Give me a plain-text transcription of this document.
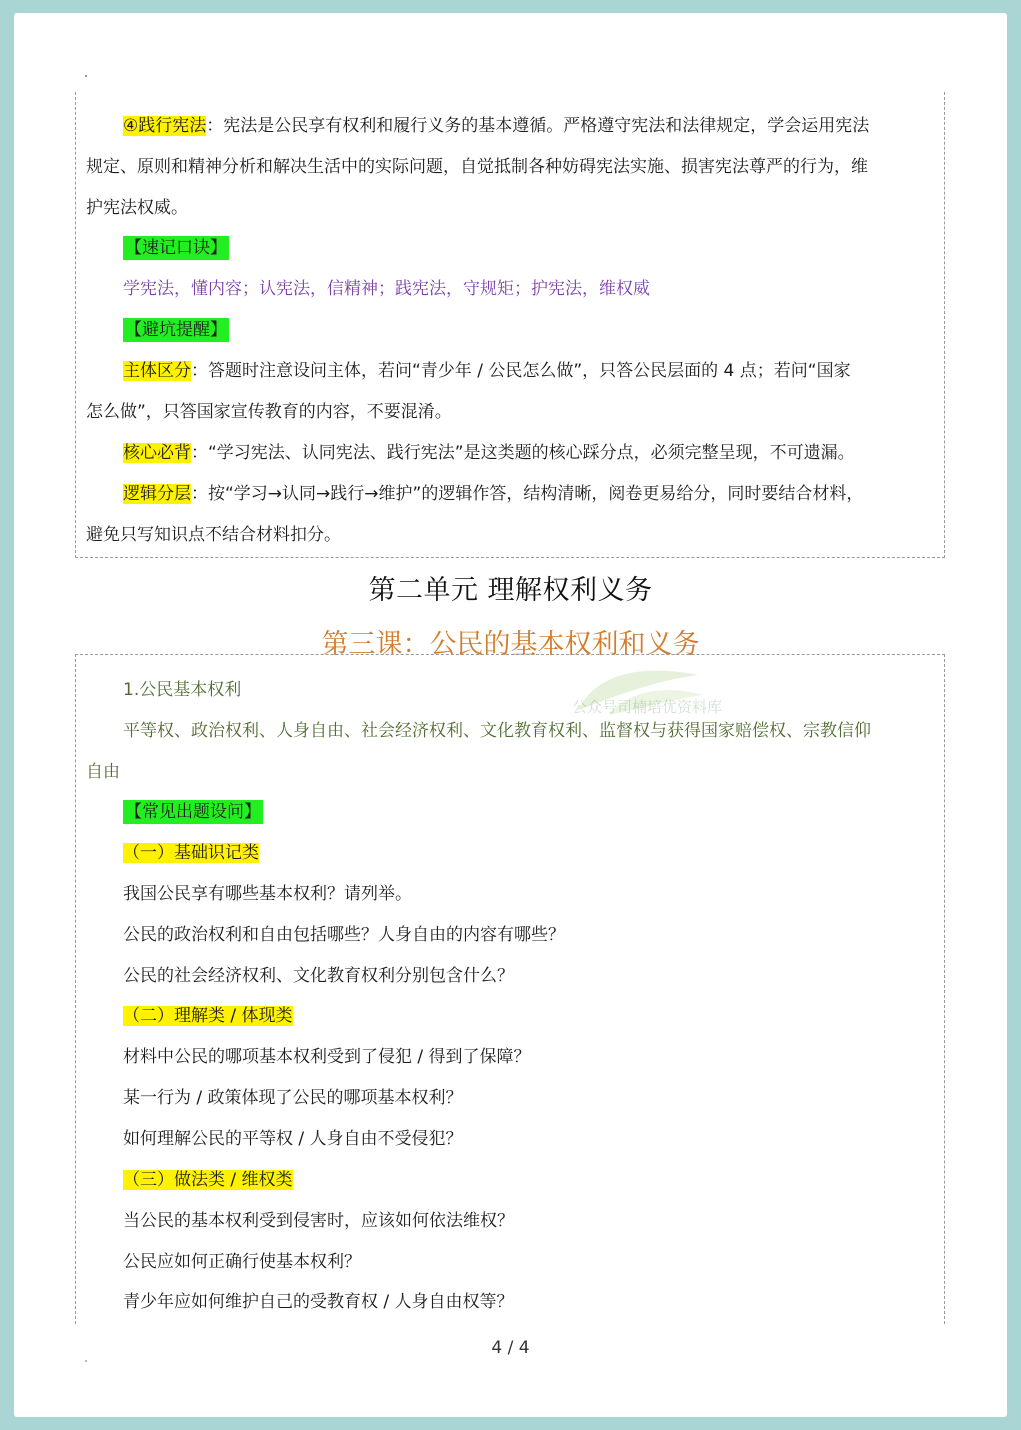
④践行宪法：宪法是公民享有权利和履行义务的基本遵循。严格遵守宪法和法律规定，学会运用宪法
规定、原则和精神分析和解决生活中的实际问题，自觉抵制各种妨碍宪法实施、损害宪法尊严的行为，维
护宪法权威。
【速记口诀】
学宪法，懂内容；认宪法，信精神；践宪法，守规矩；护宪法，维权威
【避坑提醒】
主体区分：答题时注意设问主体，若问“青少年 / 公民怎么做”，只答公民层面的 4 点；若问“国家
怎么做”，只答国家宣传教育的内容，不要混淆。
核心必背：“学习宪法、认同宪法、践行宪法”是这类题的核心踩分点，必须完整呈现，不可遗漏。
逻辑分层：按“学习→认同→践行→维护”的逻辑作答，结构清晰，阅卷更易给分，同时要结合材料，
避免只写知识点不结合材料扣分。
第二单元 理解权利义务
第三课：公民的基本权利和义务
公众号司楠培优资料库
1.公民基本权利
平等权、政治权利、人身自由、社会经济权利、文化教育权利、监督权与获得国家赔偿权、宗教信仰
自由
【常见出题设问】
（一）基础识记类
我国公民享有哪些基本权利？请列举。
公民的政治权利和自由包括哪些？人身自由的内容有哪些？
公民的社会经济权利、文化教育权利分别包含什么？
（二）理解类 / 体现类
材料中公民的哪项基本权利受到了侵犯 / 得到了保障？
某一行为 / 政策体现了公民的哪项基本权利？
如何理解公民的平等权 / 人身自由不受侵犯？
（三）做法类 / 维权类
当公民的基本权利受到侵害时，应该如何依法维权？
公民应如何正确行使基本权利？
青少年应如何维护自己的受教育权 / 人身自由权等？
4 / 4
